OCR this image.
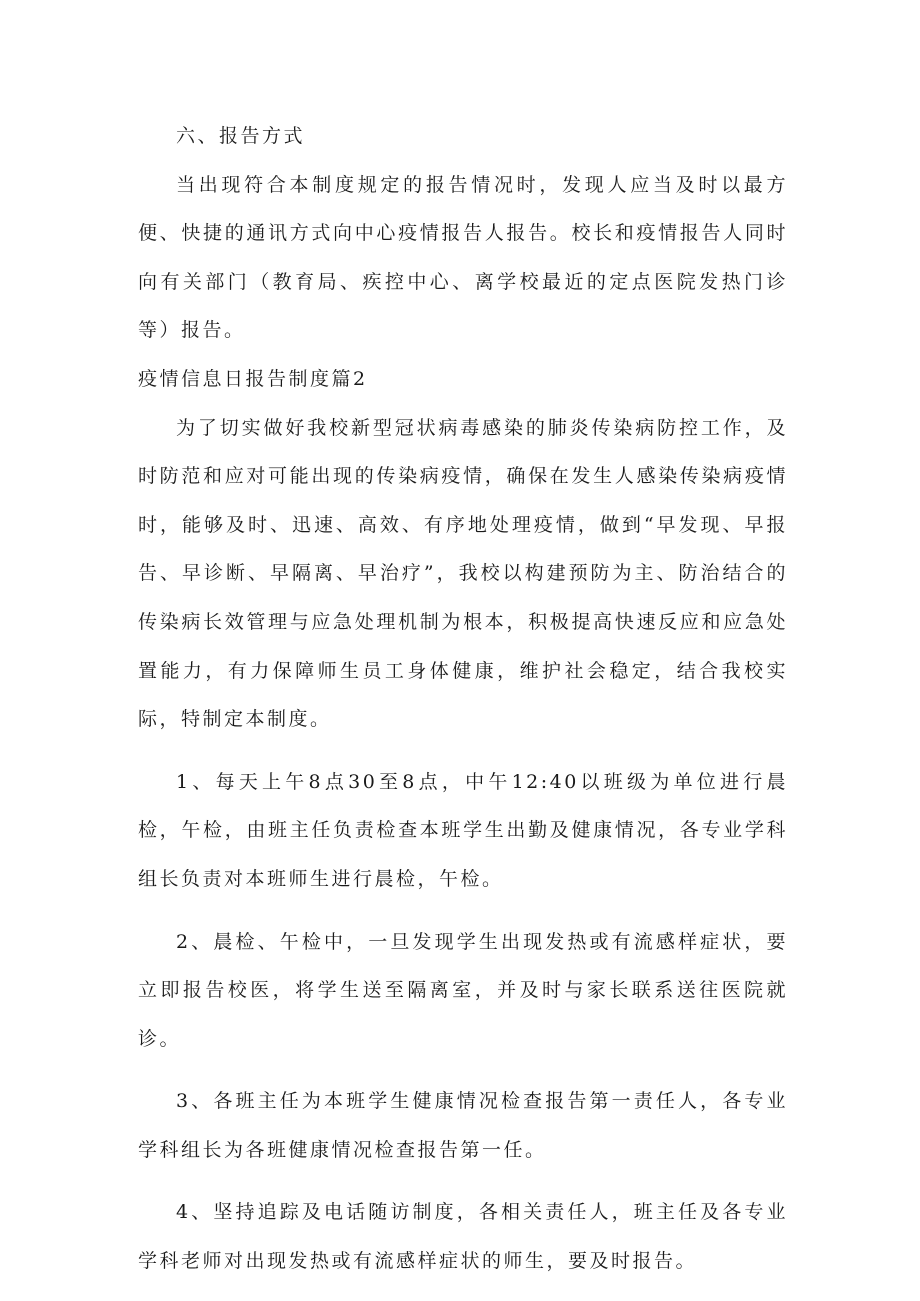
六、报告方式

当出现符合本制度规定的报告情况时，发现人应当及时以最方便、快捷的通讯方式向中心疫情报告人报告。校长和疫情报告人同时向有关部门（教育局、疾控中心、离学校最近的定点医院发热门诊等）报告。

疫情信息日报告制度篇2

为了切实做好我校新型冠状病毒感染的肺炎传染病防控工作，及时防范和应对可能出现的传染病疫情，确保在发生人感染传染病疫情时，能够及时、迅速、高效、有序地处理疫情，做到“早发现、早报告、早诊断、早隔离、早治疗”，我校以构建预防为主、防治结合的传染病长效管理与应急处理机制为根本，积极提高快速反应和应急处置能力，有力保障师生员工身体健康，维护社会稳定，结合我校实际，特制定本制度。

1、每天上午8点30至8点，中午12:40以班级为单位进行晨检，午检，由班主任负责检查本班学生出勤及健康情况，各专业学科组长负责对本班师生进行晨检，午检。

2、晨检、午检中，一旦发现学生出现发热或有流感样症状，要立即报告校医，将学生送至隔离室，并及时与家长联系送往医院就诊。

3、各班主任为本班学生健康情况检查报告第一责任人，各专业学科组长为各班健康情况检查报告第一任。

4、坚持追踪及电话随访制度，各相关责任人，班主任及各专业学科老师对出现发热或有流感样症状的师生，要及时报告。
